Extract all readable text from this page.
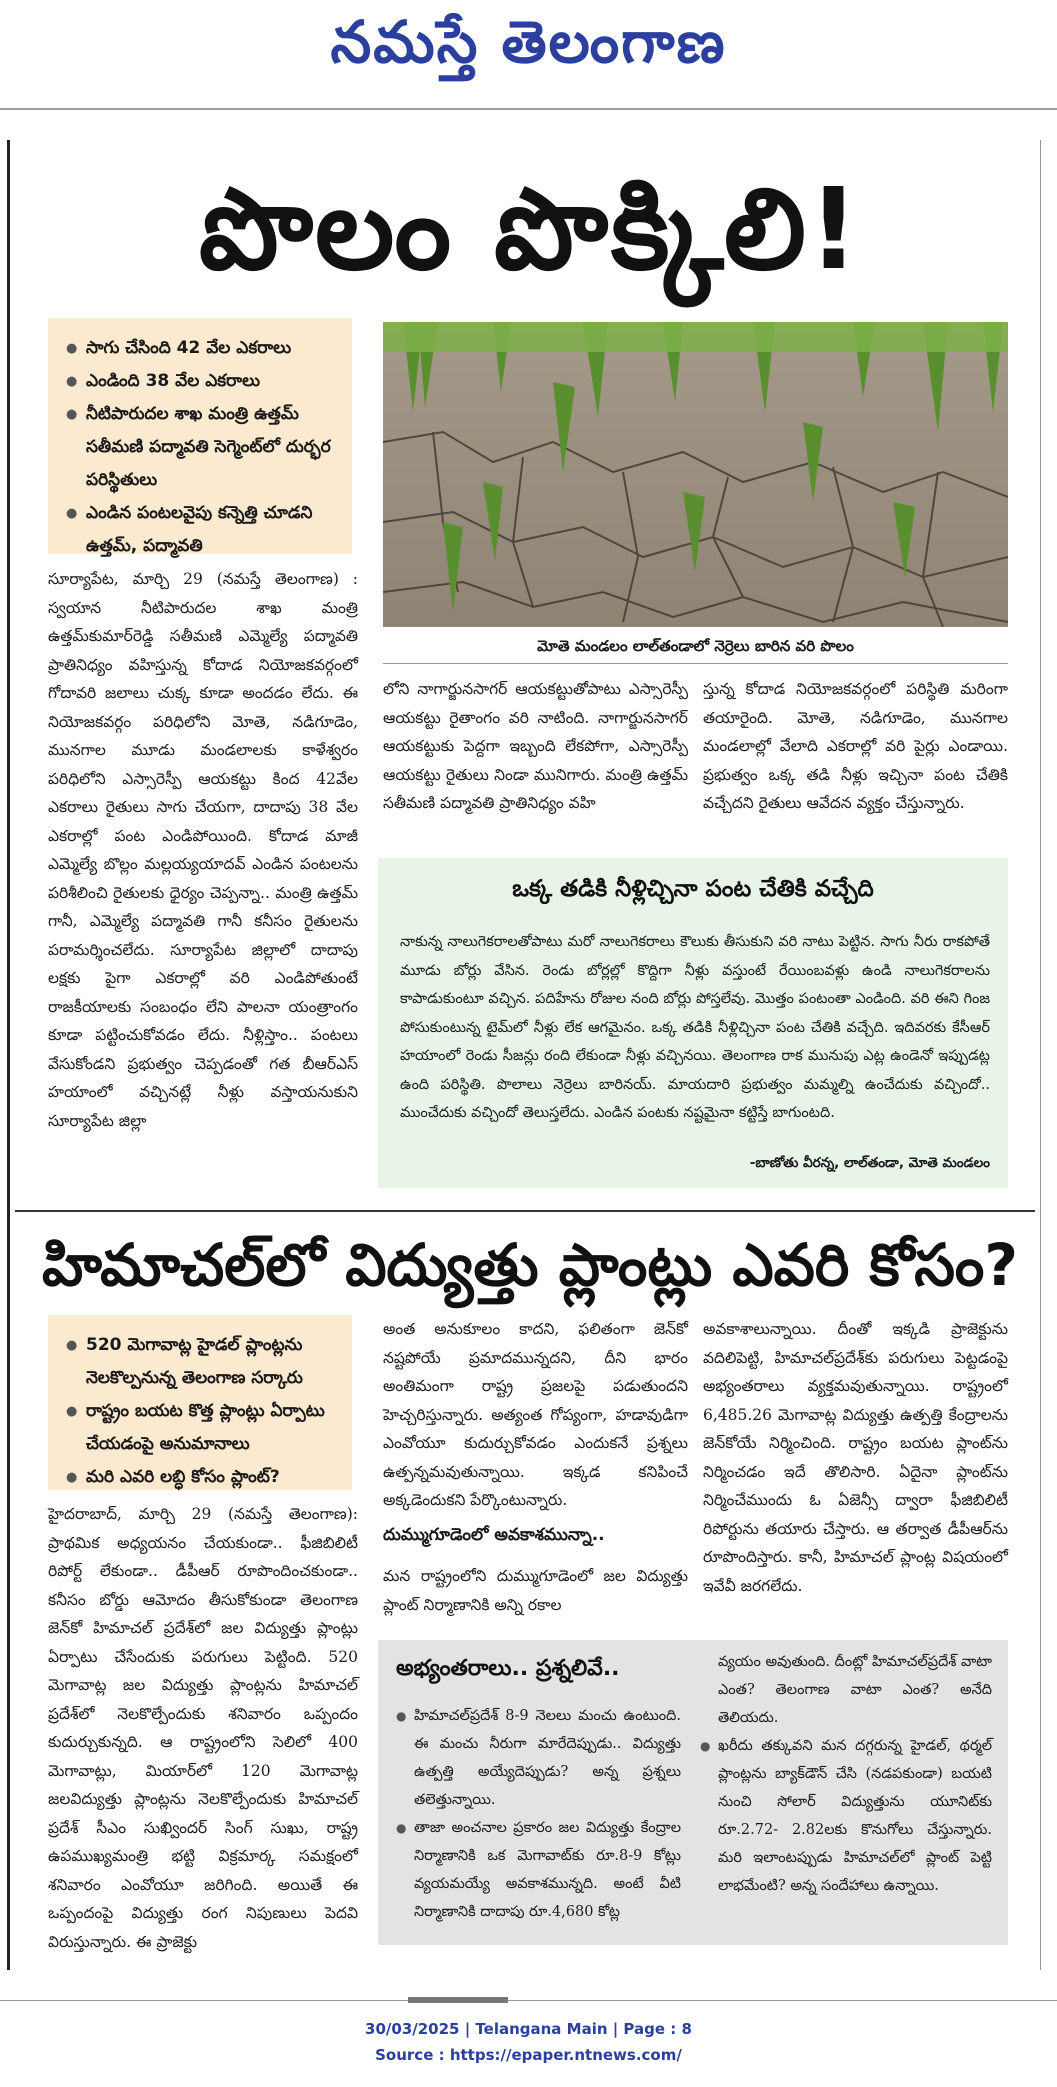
నమస్తే తెలంగాణ
పొలం పొక్కిలి!
● సాగు చేసింది 42 వేల ఎకరాలు
● ఎండింది 38 వేల ఎకరాలు
● నీటిపారుదల శాఖ మంత్రి ఉత్తమ్ సతీమణి పద్మావతి సెగ్మెంట్‌లో దుర్భర పరిస్థితులు
● ఎండిన పంటలవైపు కన్నెత్తి చూడని ఉత్తమ్, పద్మావతి
మోతె మండలం లాల్‌తండాలో నెర్రెలు బారిన వరి పొలం
సూర్యాపేట, మార్చి 29 (నమస్తే తెలంగాణ) : స్వయాన నీటిపారుదల శాఖ మంత్రి ఉత్తమ్‌కుమార్‌రెడ్డి సతీమణి ఎమ్మెల్యే పద్మావతి ప్రాతినిధ్యం వహిస్తున్న కోదాడ నియోజకవర్గంలో గోదావరి జలాలు చుక్క కూడా అందడం లేదు. ఈ నియోజకవర్గం పరిధిలోని మోతె, నడిగూడెం, మునగాల మూడు మండలాలకు కాళేశ్వరం పరిధిలోని ఎస్సారెస్పీ ఆయకట్టు కింద 42వేల ఎకరాలు రైతులు సాగు చేయగా, దాదాపు 38 వేల ఎకరాల్లో పంట ఎండిపోయింది. కోదాడ మాజీ ఎమ్మెల్యే బొల్లం మల్లయ్యయాదవ్ ఎండిన పంటలను పరిశీలించి రైతులకు ధైర్యం చెప్పన్నా.. మంత్రి ఉత్తమ్ గానీ, ఎమ్మెల్యే పద్మావతి గానీ కనీసం రైతులను పరామర్శించలేదు. సూర్యాపేట జిల్లాలో దాదాపు లక్షకు పైగా ఎకరాల్లో వరి ఎండిపోతుంటే రాజకీయాలకు సంబంధం లేని పాలనా యంత్రాంగం కూడా పట్టించుకోవడం లేదు. నీళ్లిస్తాం.. పంటలు వేసుకోండని ప్రభుత్వం చెప్పడంతో గత బీఆర్‌ఎస్ హయాంలో వచ్చినట్లే నీళ్లు వస్తాయనుకుని సూర్యాపేట జిల్లా
లోని నాగార్జునసాగర్ ఆయకట్టుతోపాటు ఎస్సారెస్పీ ఆయకట్టు రైతాంగం వరి నాటింది. నాగార్జునసాగర్ ఆయకట్టుకు పెద్దగా ఇబ్బంది లేకపోగా, ఎస్సారెస్పీ ఆయకట్టు రైతులు నిండా మునిగారు. మంత్రి ఉత్తమ్ సతీమణి పద్మావతి ప్రాతినిధ్యం వహి
స్తున్న కోదాడ నియోజకవర్గంలో పరిస్థితి మరింగా తయారైంది. మోతె, నడిగూడెం, మునగాల మండలాల్లో వేలాది ఎకరాల్లో వరి పైర్లు ఎండాయి. ప్రభుత్వం ఒక్క తడి నీళ్లు ఇచ్చినా పంట చేతికి వచ్చేదని రైతులు ఆవేదన వ్యక్తం చేస్తున్నారు.
ఒక్క తడికి నీళ్లిచ్చినా పంట చేతికి వచ్చేది
నాకున్న నాలుగెకరాలతోపాటు మరో నాలుగెకరాలు కౌలుకు తీసుకుని వరి నాటు పెట్టిన. సాగు నీరు రాకపోతే మూడు బోర్లు వేసిన. రెండు బోర్లల్లో కొద్దిగా నీళ్లు వస్తుంటే రేయింబవళ్లు ఉండి నాలుగెకరాలను కాపాడుకుంటూ వచ్చిన. పదిహేను రోజుల నంది బోర్లు పోస్తలేవు. మొత్తం పంటంతా ఎండింది. వరి ఈని గింజ పోసుకుంటున్న టైమ్‌లో నీళ్లు లేక ఆగమైనం. ఒక్క తడికి నీళ్లిచ్చినా పంట చేతికి వచ్చేది. ఇదివరకు కేసీఆర్ హయాంలో రెండు సీజన్లు రంది లేకుండా నీళ్లు వచ్చినయి. తెలంగాణ రాక మునుపు ఎట్ల ఉండెనో ఇప్పుడట్ల ఉంది పరిస్థితి. పొలాలు నెర్రెలు బారినయ్. మాయదారి ప్రభుత్వం మమ్మల్ని ఉంచేదుకు వచ్చిందో.. ముంచేదుకు వచ్చిందో తెలుస్తలేదు. ఎండిన పంటకు నష్టమైనా కట్టిస్తే బాగుంటది.
-బాణోతు వీరన్న, లాల్‌తండా, మోతె మండలం
హిమాచల్‌లో విద్యుత్తు ప్లాంట్లు ఎవరి కోసం?
● 520 మెగావాట్ల హైడల్ ప్లాంట్లను నెలకొల్పనున్న తెలంగాణ సర్కారు
● రాష్ట్రం బయట కొత్త ప్లాంట్లు ఏర్పాటు చేయడంపై అనుమానాలు
● మరి ఎవరి లబ్ధి కోసం ప్లాంట్?
హైదరాబాద్, మార్చి 29 (నమస్తే తెలంగాణ): ప్రాథమిక అధ్యయనం చేయకుండా.. ఫీజిబిలిటీ రిపోర్ట్ లేకుండా.. డీపీఆర్ రూపొందించకుండా.. కనీసం బోర్డు ఆమోదం తీసుకోకుండా తెలంగాణ జెన్‌కో హిమాచల్ ప్రదేశ్‌లో జల విద్యుత్తు ప్లాంట్లు ఏర్పాటు చేసేందుకు పరుగులు పెట్టింది. 520 మెగావాట్ల జల విద్యుత్తు ప్లాంట్లను హిమాచల్ ప్రదేశ్‌లో నెలకొల్పేందుకు శనివారం ఒప్పందం కుదుర్చుకున్నది. ఆ రాష్ట్రంలోని సెలిలో 400 మెగావాట్లు, మియార్‌లో 120 మెగావాట్ల జలవిద్యుత్తు ప్లాంట్లను నెలకొల్పేందుకు హిమాచల్ ప్రదేశ్ సీఎం సుఖ్విందర్ సింగ్ సుఖు, రాష్ట్ర ఉపముఖ్యమంత్రి భట్టి విక్రమార్క సమక్షంలో శనివారం ఎంవోయూ జరిగింది. అయితే ఈ ఒప్పందంపై విద్యుత్తు రంగ నిపుణులు పెదవి విరుస్తున్నారు. ఈ ప్రాజెక్టు
అంత అనుకూలం కాదని, ఫలితంగా జెన్‌కో నష్టపోయే ప్రమాదమున్నదని, దీని భారం అంతిమంగా రాష్ట్ర ప్రజలపై పడుతుందని హెచ్చరిస్తున్నారు. అత్యంత గోప్యంగా, హడావుడిగా ఎంవోయూ కుదుర్చుకోవడం ఎందుకనే ప్రశ్నలు ఉత్పన్నమవుతున్నాయి. ఇక్కడ కనిపించే అక్కడెందుకని పేర్కొంటున్నారు.
దుమ్ముగూడెంలో అవకాశమున్నా..
మన రాష్ట్రంలోని దుమ్ముగూడెంలో జల విద్యుత్తు ప్లాంట్ నిర్మాణానికి అన్ని రకాల
అవకాశాలున్నాయి. దీంతో ఇక్కడి ప్రాజెక్టును వదిలిపెట్టి, హిమాచల్‌ప్రదేశ్‌కు పరుగులు పెట్టడంపై అభ్యంతరాలు వ్యక్తమవుతున్నాయి. రాష్ట్రంలో 6,485.26 మెగావాట్ల విద్యుత్తు ఉత్పత్తి కేంద్రాలను జెన్‌కోయే నిర్మించింది. రాష్ట్రం బయట ప్లాంట్‌ను నిర్మించడం ఇదే తొలిసారి. ఏదైనా ప్లాంట్‌ను నిర్మించేముందు ఓ ఏజెన్సీ ద్వారా ఫీజిబిలిటీ రిపోర్టును తయారు చేస్తారు. ఆ తర్వాత డీపీఆర్‌ను రూపొందిస్తారు. కానీ, హిమాచల్ ప్లాంట్ల విషయంలో ఇవేవీ జరగలేదు.
అభ్యంతరాలు.. ప్రశ్నలివే..
● హిమాచల్‌ప్రదేశ్ 8-9 నెలలు మంచు ఉంటుంది. ఈ మంచు నీరుగా మారేదెప్పుడు.. విద్యుత్తు ఉత్పత్తి అయ్యేదెప్పుడు? అన్న ప్రశ్నలు తలెత్తున్నాయి.
● తాజా అంచనాల ప్రకారం జల విద్యుత్తు కేంద్రాల నిర్మాణానికి ఒక మెగావాట్‌కు రూ.8-9 కోట్లు వ్యయమయ్యే అవకాశమున్నది. అంటే వీటి నిర్మాణానికి దాదాపు రూ.4,680 కోట్ల
వ్యయం అవుతుంది. దీంట్లో హిమాచల్‌ప్రదేశ్ వాటా ఎంత? తెలంగాణ వాటా ఎంత? అనేది తెలియదు.
● ఖరీదు తక్కువని మన దగ్గరున్న హైడల్, థర్మల్ ప్లాంట్లను బ్యాక్‌డౌన్ చేసి (నడపకుండా) బయటి నుంచి సోలార్ విద్యుత్తును యూనిట్‌కు రూ.2.72- 2.82లకు కొనుగోలు చేస్తున్నారు. మరి ఇలాంటప్పుడు హిమాచల్‌లో ప్లాంట్ పెట్టి లాభమేంటి? అన్న సందేహాలు ఉన్నాయి.
30/03/2025 | Telangana Main | Page : 8
Source : https://epaper.ntnews.com/
